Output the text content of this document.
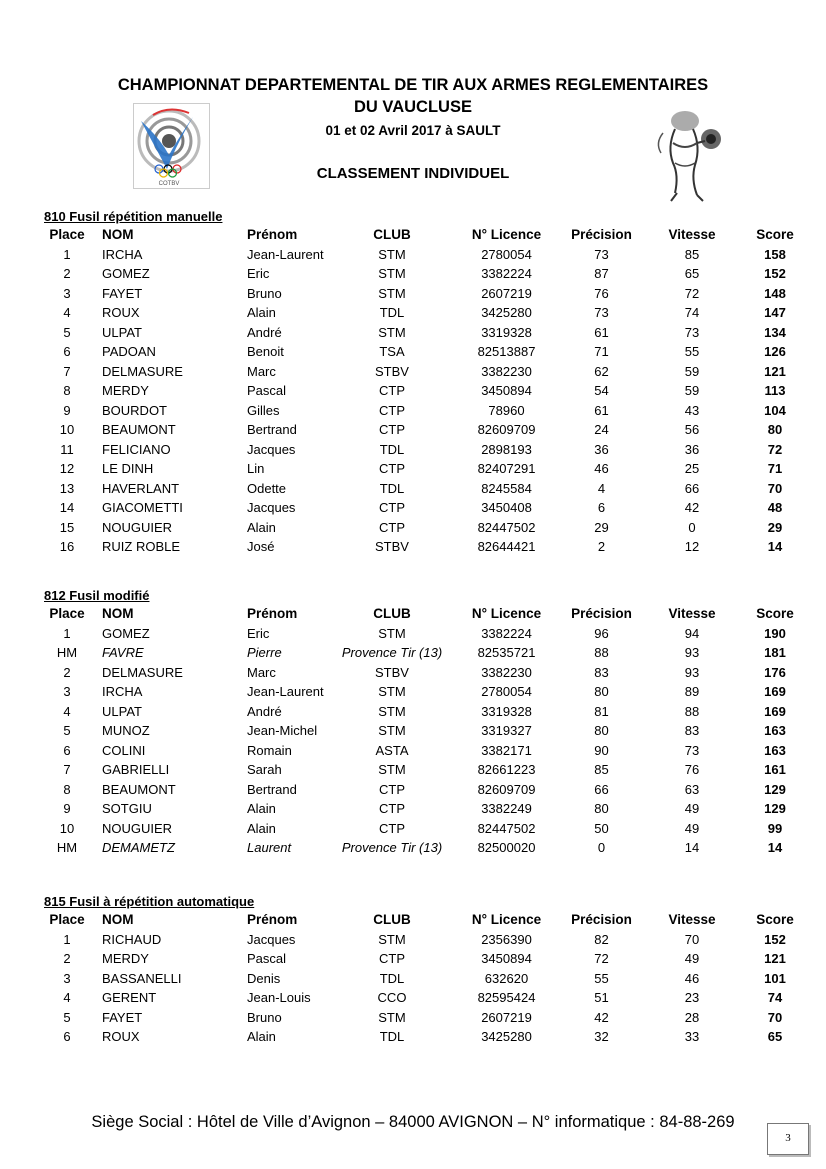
CHAMPIONNAT DEPARTEMENTAL DE TIR AUX ARMES REGLEMENTAIRES
DU VAUCLUSE
01 et 02 Avril 2017 à SAULT
CLASSEMENT INDIVIDUEL
COTBV
810 Fusil répétition manuelle
Place	NOM	Prénom	CLUB	N° Licence	Précision	Vitesse	Score
1	IRCHA	Jean-Laurent	STM	2780054	73	85	158
2	GOMEZ	Eric	STM	3382224	87	65	152
3	FAYET	Bruno	STM	2607219	76	72	148
4	ROUX	Alain	TDL	3425280	73	74	147
5	ULPAT	André	STM	3319328	61	73	134
6	PADOAN	Benoit	TSA	82513887	71	55	126
7	DELMASURE	Marc	STBV	3382230	62	59	121
8	MERDY	Pascal	CTP	3450894	54	59	113
9	BOURDOT	Gilles	CTP	78960	61	43	104
10	BEAUMONT	Bertrand	CTP	82609709	24	56	80
11	FELICIANO	Jacques	TDL	2898193	36	36	72
12	LE DINH	Lin	CTP	82407291	46	25	71
13	HAVERLANT	Odette	TDL	8245584	4	66	70
14	GIACOMETTI	Jacques	CTP	3450408	6	42	48
15	NOUGUIER	Alain	CTP	82447502	29	0	29
16	RUIZ ROBLE	José	STBV	82644421	2	12	14
812 Fusil modifié
Place	NOM	Prénom	CLUB	N° Licence	Précision	Vitesse	Score
1	GOMEZ	Eric	STM	3382224	96	94	190
HM	FAVRE	Pierre	Provence Tir (13)	82535721	88	93	181
2	DELMASURE	Marc	STBV	3382230	83	93	176
3	IRCHA	Jean-Laurent	STM	2780054	80	89	169
4	ULPAT	André	STM	3319328	81	88	169
5	MUNOZ	Jean-Michel	STM	3319327	80	83	163
6	COLINI	Romain	ASTA	3382171	90	73	163
7	GABRIELLI	Sarah	STM	82661223	85	76	161
8	BEAUMONT	Bertrand	CTP	82609709	66	63	129
9	SOTGIU	Alain	CTP	3382249	80	49	129
10	NOUGUIER	Alain	CTP	82447502	50	49	99
HM	DEMAMETZ	Laurent	Provence Tir (13)	82500020	0	14	14
815 Fusil à répétition automatique
Place	NOM	Prénom	CLUB	N° Licence	Précision	Vitesse	Score
1	RICHAUD	Jacques	STM	2356390	82	70	152
2	MERDY	Pascal	CTP	3450894	72	49	121
3	BASSANELLI	Denis	TDL	632620	55	46	101
4	GERENT	Jean-Louis	CCO	82595424	51	23	74
5	FAYET	Bruno	STM	2607219	42	28	70
6	ROUX	Alain	TDL	3425280	32	33	65
Siège Social : Hôtel de Ville d’Avignon – 84000 AVIGNON – N° informatique : 84-88-269
3
